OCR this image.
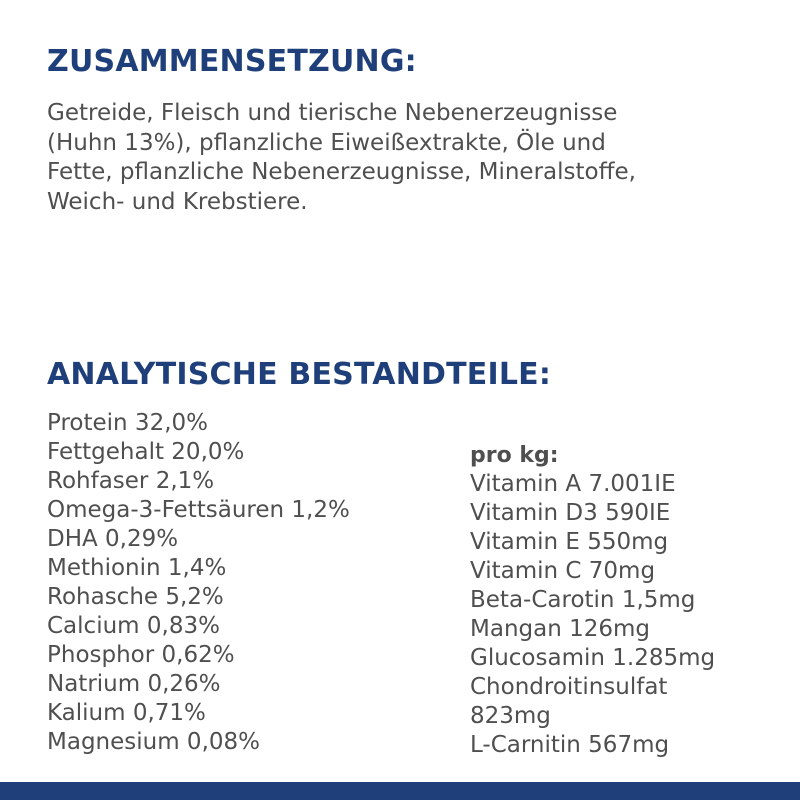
ZUSAMMENSETZUNG:

Getreide, Fleisch und tierische Nebenerzeugnisse
(Huhn 13%), pflanzliche Eiweißextrakte, Öle und
Fette, pflanzliche Nebenerzeugnisse, Mineralstoffe,
Weich- und Krebstiere.

ANALYTISCHE BESTANDTEILE:
Protein 32,0%
Fettgehalt 20,0%
Rohfaser 2,1%
Omega-3-Fettsäuren 1,2%
DHA 0,29%
Methionin 1,4%
Rohasche 5,2%
Calcium 0,83%
Phosphor 0,62%
Natrium 0,26%
Kalium 0,71%
Magnesium 0,08%
pro kg:
Vitamin A 7.001IE
Vitamin D3 590IE
Vitamin E 550mg
Vitamin C 70mg
Beta-Carotin 1,5mg
Mangan 126mg
Glucosamin 1.285mg
Chondroitinsulfat
823mg
L-Carnitin 567mg
